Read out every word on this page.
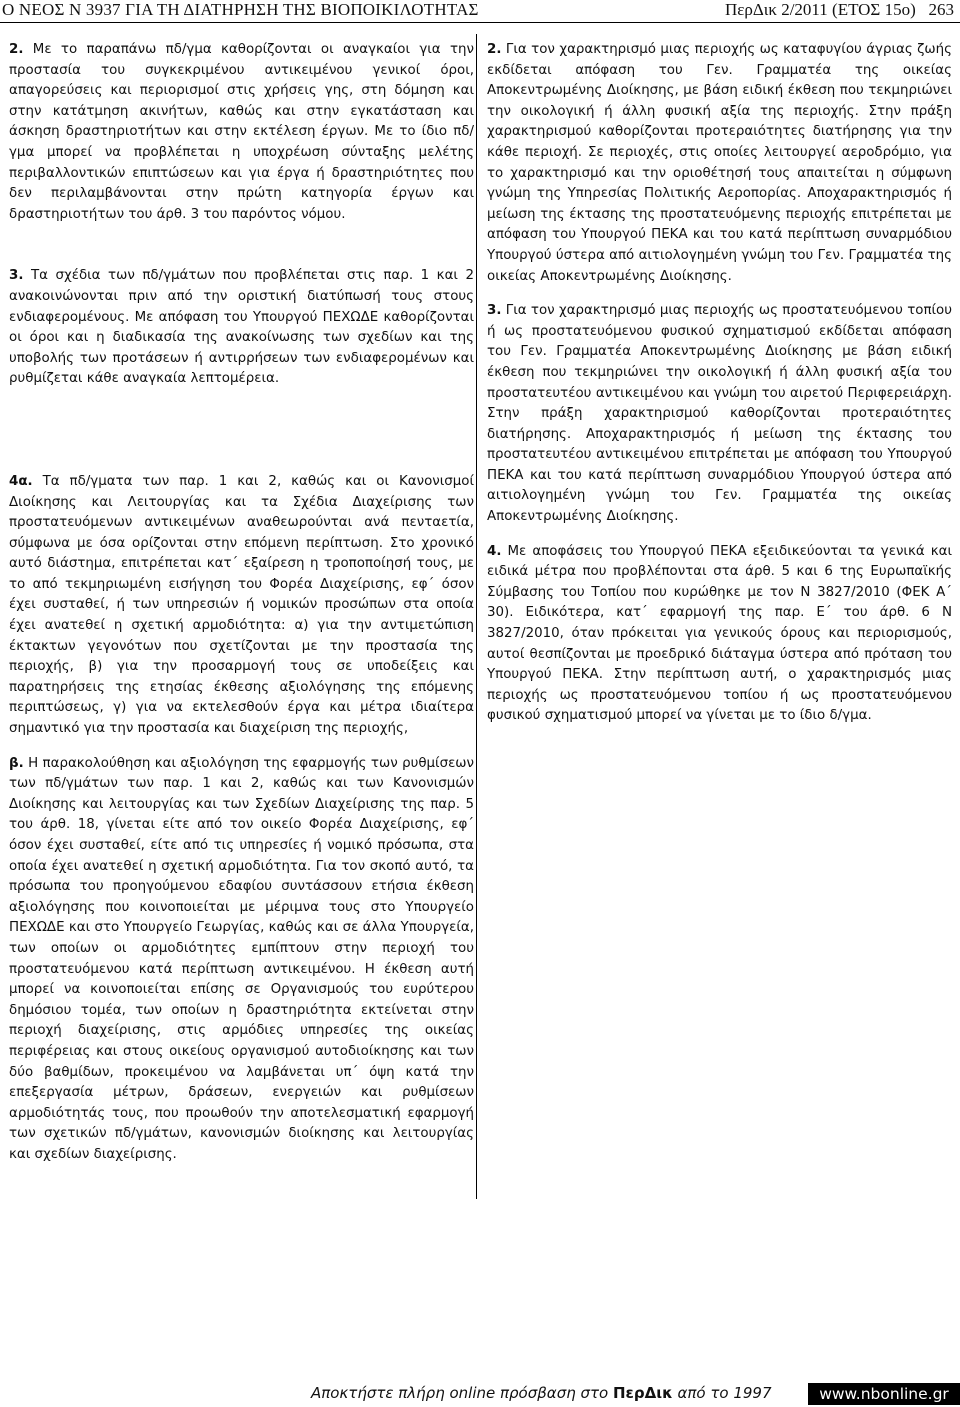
Ο ΝΕΟΣ Ν 3937 ΓΙΑ ΤΗ ΔΙΑΤΗΡΗΣΗ ΤΗΣ ΒΙΟΠΟΙΚΙΛΟΤΗΤΑΣ	ΠερΔικ 2/2011 (ΕΤΟΣ 15ο) 263

2. Με το παραπάνω πδ/γμα καθορίζονται οι αναγκαίοι για την προστασία του συγκεκριμένου αντικειμένου γενικοί όροι, απαγορεύσεις και περιορισμοί στις χρήσεις γης, στη δόμηση και στην κατάτμηση ακινήτων, καθώς και στην εγκατάσταση και άσκηση δραστηριοτήτων και στην εκτέλεση έργων. Με το ίδιο πδ/γμα μπορεί να προβλέπεται η υποχρέωση σύνταξης μελέτης περιβαλλοντικών επιπτώσεων και για έργα ή δραστηριότητες που δεν περιλαμβάνονται στην πρώτη κατηγορία έργων και δραστηριοτήτων του άρθ. 3 του παρόντος νόμου.

3. Τα σχέδια των πδ/γμάτων που προβλέπεται στις παρ. 1 και 2 ανακοινώνονται πριν από την οριστική διατύπωσή τους στους ενδιαφερομένους. Με απόφαση του Υπουργού ΠΕΧΩΔΕ καθορίζονται οι όροι και η διαδικασία της ανακοίνωσης των σχεδίων και της υποβολής των προτάσεων ή αντιρρήσεων των ενδιαφερομένων και ρυθμίζεται κάθε αναγκαία λεπτομέρεια.

4α. Τα πδ/γματα των παρ. 1 και 2, καθώς και οι Κανονισμοί Διοίκησης και Λειτουργίας και τα Σχέδια Διαχείρισης των προστατευόμενων αντικειμένων αναθεωρούνται ανά πενταετία, σύμφωνα με όσα ορίζονται στην επόμενη περίπτωση. Στο χρονικό αυτό διάστημα, επιτρέπεται κατ΄ εξαίρεση η τροποποίησή τους, με το από τεκμηριωμένη εισήγηση του Φορέα Διαχείρισης, εφ΄ όσον έχει συσταθεί, ή των υπηρεσιών ή νομικών προσώπων στα οποία έχει ανατεθεί η σχετική αρμοδιότητα: α) για την αντιμετώπιση έκτακτων γεγονότων που σχετίζονται με την προστασία της περιοχής, β) για την προσαρμογή τους σε υποδείξεις και παρατηρήσεις της ετησίας έκθεσης αξιολόγησης της επόμενης περιπτώσεως, γ) για να εκτελεσθούν έργα και μέτρα ιδιαίτερα σημαντικό για την προστασία και διαχείριση της περιοχής,

β. Η παρακολούθηση και αξιολόγηση της εφαρμογής των ρυθμίσεων των πδ/γμάτων των παρ. 1 και 2, καθώς και των Κανονισμών Διοίκησης και λειτουργίας και των Σχεδίων Διαχείρισης της παρ. 5 του άρθ. 18, γίνεται είτε από τον οικείο Φορέα Διαχείρισης, εφ΄ όσον έχει συσταθεί, είτε από τις υπηρεσίες ή νομικό πρόσωπα, στα οποία έχει ανατεθεί η σχετική αρμοδιότητα. Για τον σκοπό αυτό, τα πρόσωπα του προηγούμενου εδαφίου συντάσσουν ετήσια έκθεση αξιολόγησης που κοινοποιείται με μέριμνα τους στο Υπουργείο ΠΕΧΩΔΕ και στο Υπουργείο Γεωργίας, καθώς και σε άλλα Υπουργεία, των οποίων οι αρμοδιότητες εμπίπτουν στην περιοχή του προστατευόμενου κατά περίπτωση αντικειμένου. Η έκθεση αυτή μπορεί να κοινοποιείται επίσης σε Οργανισμούς του ευρύτερου δημόσιου τομέα, των οποίων η δραστηριότητα εκτείνεται στην περιοχή διαχείρισης, στις αρμόδιες υπηρεσίες της οικείας περιφέρειας και στους οικείους οργανισμού αυτοδιοίκησης και των δύο βαθμίδων, προκειμένου να λαμβάνεται υπ΄ όψη κατά την επεξεργασία μέτρων, δράσεων, ενεργειών και ρυθμίσεων αρμοδιότητάς τους, που προωθούν την αποτελεσματική εφαρμογή των σχετικών πδ/γμάτων, κανονισμών διοίκησης και λειτουργίας και σχεδίων διαχείρισης.

2. Για τον χαρακτηρισμό μιας περιοχής ως καταφυγίου άγριας ζωής εκδίδεται απόφαση του Γεν. Γραμματέα της οικείας Αποκεντρωμένης Διοίκησης, με βάση ειδική έκθεση που τεκμηριώνει την οικολογική ή άλλη φυσική αξία της περιοχής. Στην πράξη χαρακτηρισμού καθορίζονται προτεραιότητες διατήρησης για την κάθε περιοχή. Σε περιοχές, στις οποίες λειτουργεί αεροδρόμιο, για το χαρακτηρισμό και την οριοθέτησή τους απαιτείται η σύμφωνη γνώμη της Υπηρεσίας Πολιτικής Αεροπορίας. Αποχαρακτηρισμός ή μείωση της έκτασης της προστατευόμενης περιοχής επιτρέπεται με απόφαση του Υπουργού ΠΕΚΑ και του κατά περίπτωση συναρμόδιου Υπουργού ύστερα από αιτιολογημένη γνώμη του Γεν. Γραμματέα της οικείας Αποκεντρωμένης Διοίκησης.

3. Για τον χαρακτηρισμό μιας περιοχής ως προστατευόμενου τοπίου ή ως προστατευόμενου φυσικού σχηματισμού εκδίδεται απόφαση του Γεν. Γραμματέα Αποκεντρωμένης Διοίκησης με βάση ειδική έκθεση που τεκμηριώνει την οικολογική ή άλλη φυσική αξία του προστατευτέου αντικειμένου και γνώμη του αιρετού Περιφερειάρχη. Στην πράξη χαρακτηρισμού καθορίζονται προτεραιότητες διατήρησης. Αποχαρακτηρισμός ή μείωση της έκτασης του προστατευτέου αντικειμένου επιτρέπεται με απόφαση του Υπουργού ΠΕΚΑ και του κατά περίπτωση συναρμόδιου Υπουργού ύστερα από αιτιολογημένη γνώμη του Γεν. Γραμματέα της οικείας Αποκεντρωμένης Διοίκησης.

4. Με αποφάσεις του Υπουργού ΠΕΚΑ εξειδικεύονται τα γενικά και ειδικά μέτρα που προβλέπονται στα άρθ. 5 και 6 της Ευρωπαϊκής Σύμβασης του Τοπίου που κυρώθηκε με τον Ν 3827/2010 (ΦΕΚ Α΄ 30). Ειδικότερα, κατ΄ εφαρμογή της παρ. Ε΄ του άρθ. 6 Ν 3827/2010, όταν πρόκειται για γενικούς όρους και περιορισμούς, αυτοί θεσπίζονται με προεδρικό διάταγμα ύστερα από πρόταση του Υπουργού ΠΕΚΑ. Στην περίπτωση αυτή, ο χαρακτηρισμός μιας περιοχής ως προστατευόμενου τοπίου ή ως προστατευόμενου φυσικού σχηματισμού μπορεί να γίνεται με το ίδιο δ/γμα.

Αποκτήστε πλήρη online πρόσβαση στο ΠερΔικ από το 1997	www.nbonline.gr
